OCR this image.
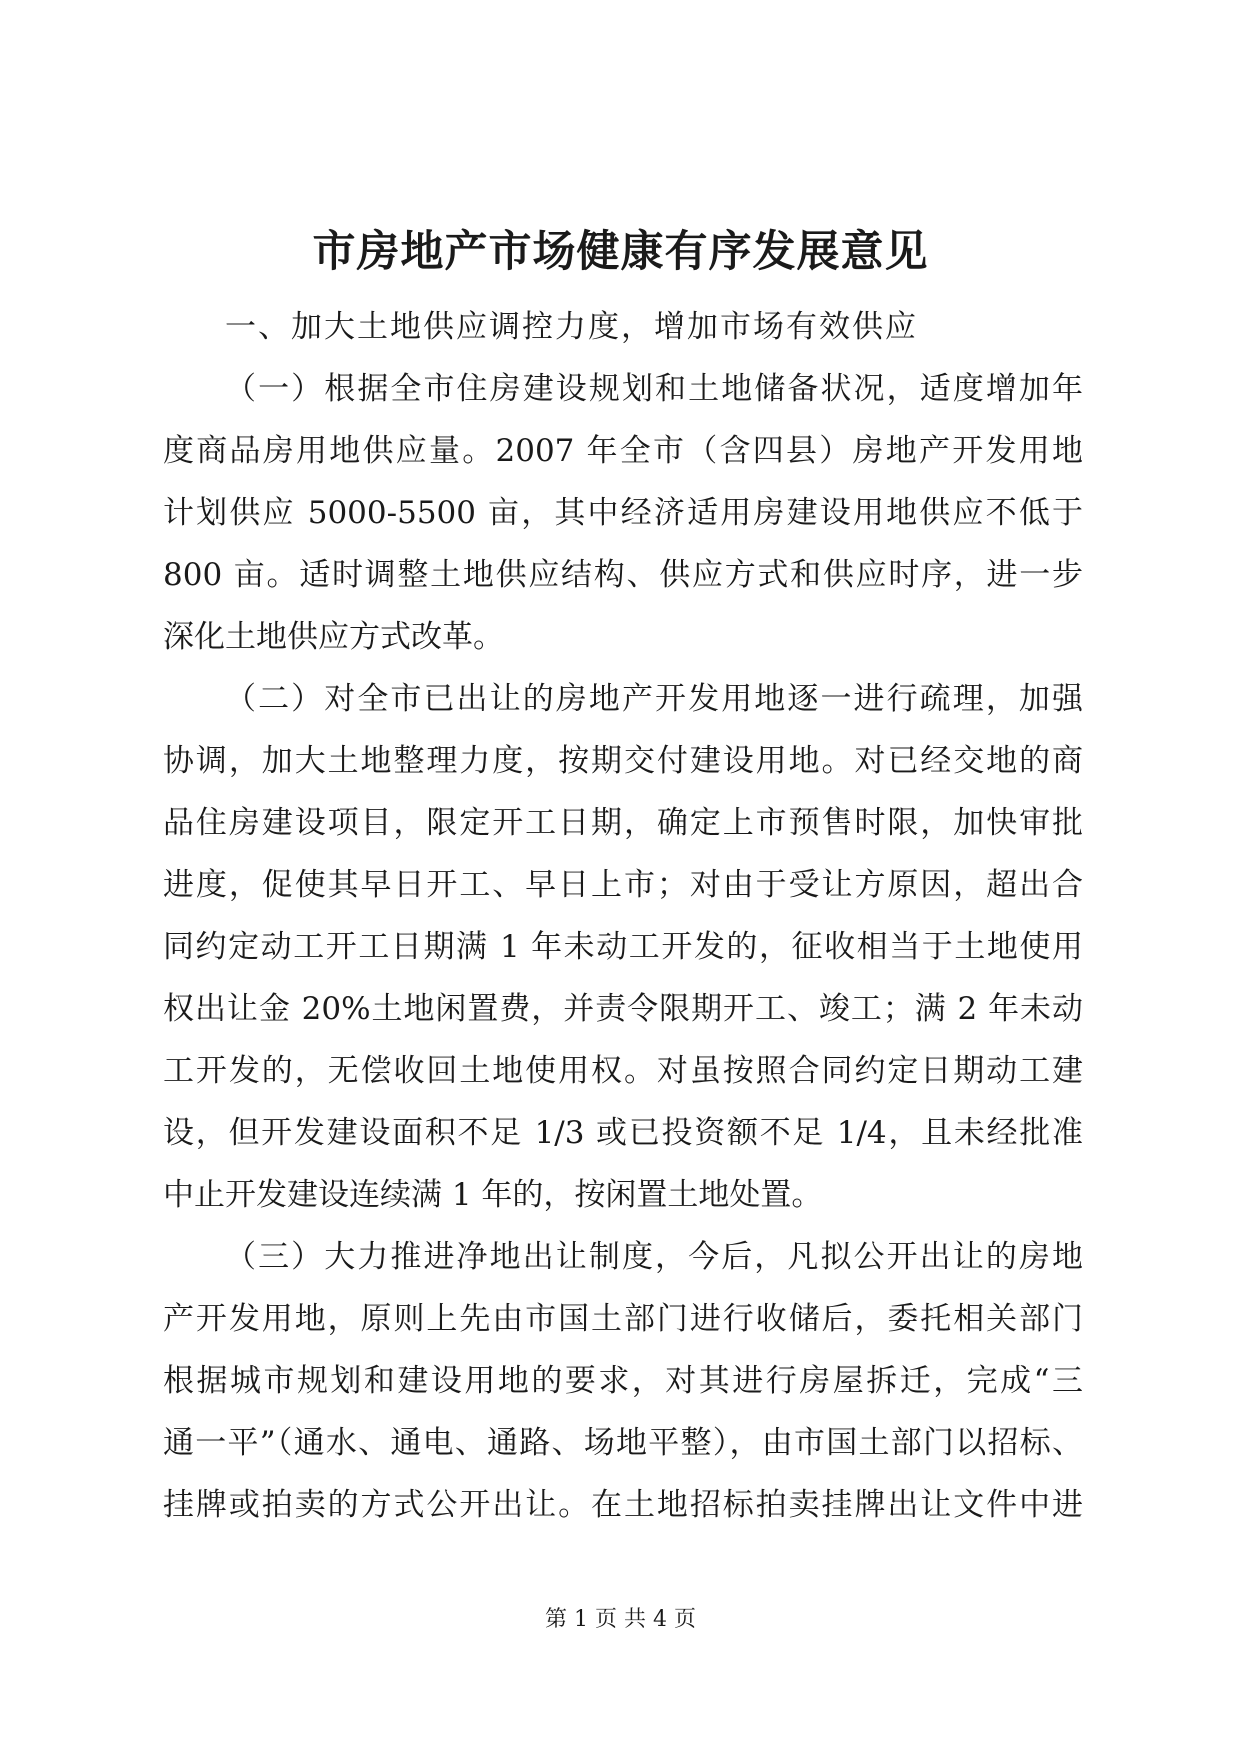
市房地产市场健康有序发展意见
一、加大土地供应调控力度，增加市场有效供应
（一）根据全市住房建设规划和土地储备状况，适度增加年
度商品房用地供应量。2007 年全市（含四县）房地产开发用地
计划供应 5000-5500 亩，其中经济适用房建设用地供应不低于
800 亩。适时调整土地供应结构、供应方式和供应时序，进一步
深化土地供应方式改革。
（二）对全市已出让的房地产开发用地逐一进行疏理，加强
协调，加大土地整理力度，按期交付建设用地。对已经交地的商
品住房建设项目，限定开工日期，确定上市预售时限，加快审批
进度，促使其早日开工、早日上市；对由于受让方原因，超出合
同约定动工开工日期满 1 年未动工开发的，征收相当于土地使用
权出让金 20%土地闲置费，并责令限期开工、竣工；满 2 年未动
工开发的，无偿收回土地使用权。对虽按照合同约定日期动工建
设，但开发建设面积不足 1/3 或已投资额不足 1/4，且未经批准
中止开发建设连续满 1 年的，按闲置土地处置。
（三）大力推进净地出让制度，今后，凡拟公开出让的房地
产开发用地，原则上先由市国土部门进行收储后，委托相关部门
根据城市规划和建设用地的要求，对其进行房屋拆迁，完成“三
通一平”（通水、通电、通路、场地平整），由市国土部门以招标、
挂牌或拍卖的方式公开出让。在土地招标拍卖挂牌出让文件中进
第 1 页 共 4 页
